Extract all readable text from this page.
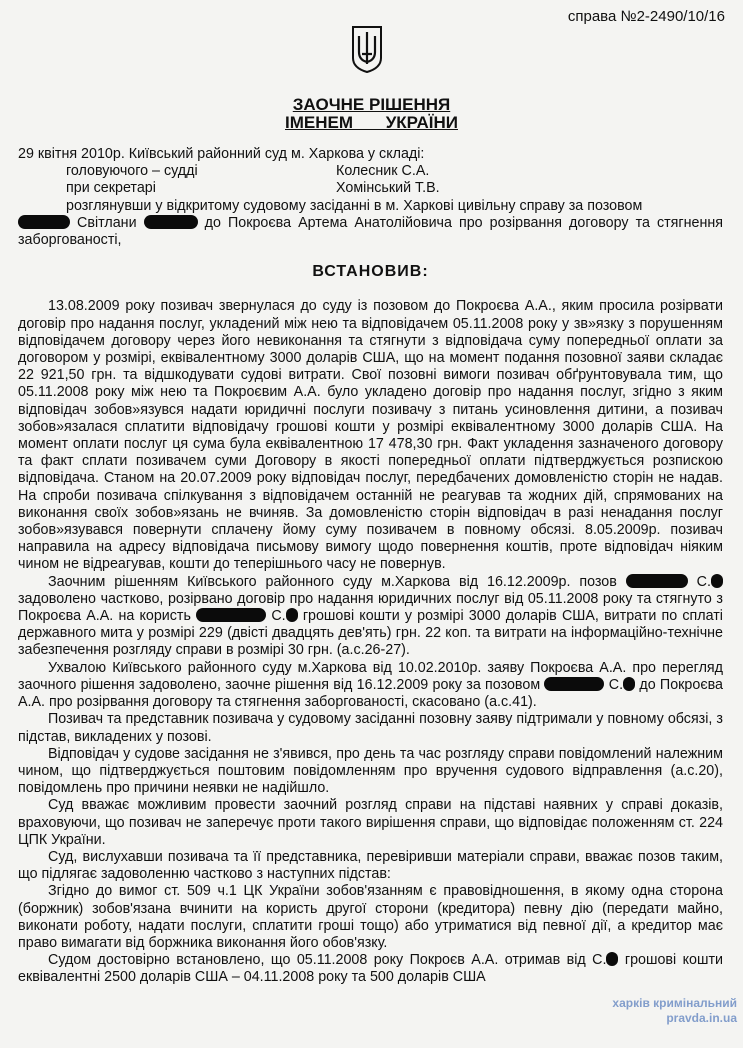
справа №2-2490/10/16
ЗАОЧНЕ РІШЕННЯ
ІМЕНЕМ УКРАЇНИ

29 квітня 2010р. Київський районний суд м. Харкова у складі:

головуючого – судді	Колесник С.А.
при секретарі	Хомінський Т.В.

розглянувши у відкритому судовому засіданні в м. Харкові цивільну справу за позовом

Світлани	до Покроєва Артема Анатолійовича про розірвання договору та стягнення заборгованості,

ВСТАНОВИВ:

13.08.2009 року позивач звернулася до суду із позовом до Покроєва А.А., яким просила розірвати договір про надання послуг, укладений між нею та відповідачем 05.11.2008 року у зв»язку з порушенням відповідачем договору через його невиконання та стягнути з відповідача суму попередньої оплати за договором у розмірі, еквівалентному 3000 доларів США, що на момент подання позовної заяви складає 22 921,50 грн. та відшкодувати судові витрати. Свої позовні вимоги позивач обґрунтовувала тим, що 05.11.2008 року між нею та Покроєвим А.А. було укладено договір про надання послуг, згідно з яким відповідач зобов»язувся надати юридичні послуги позивачу з питань усиновлення дитини, а позивач зобов»язалася сплатити відповідачу грошові кошти у розмірі еквівалентному 3000 доларів США. На момент оплати послуг ця сума була еквівалентною 17 478,30 грн. Факт укладення зазначеного договору та факт сплати позивачем суми Договору в якості попередньої оплати підтверджується розпискою відповідача. Станом на 20.07.2009 року відповідач послуг, передбачених домовленістю сторін не надав. На спроби позивача спілкування з відповідачем останній не реагував та жодних дій, спрямованих на виконання своїх зобов»язань не вчиняв. За домовленістю сторін відповідач в разі ненадання послуг зобов»язувався повернути сплачену йому суму позивачем в повному обсязі. 8.05.2009р. позивач направила на адресу відповідача письмову вимогу щодо повернення коштів, проте відповідач ніяким чином не відреагував, кошти до теперішнього часу не повернув.

Заочним рішенням Київського районного суду м.Харкова від 16.12.2009р. позов	С. задоволено частково, розірвано договір про надання юридичних послуг від 05.11.2008 року та стягнуто з Покроєва А.А. на користь	С. грошові кошти у розмірі 3000 доларів США, витрати по сплаті державного мита у розмірі 229 (двісті двадцять дев'ять) грн. 22 коп. та витрати на інформаційно-технічне забезпечення розгляду справи в розмірі 30 грн. (а.с.26-27).

Ухвалою Київського районного суду м.Харкова від 10.02.2010р. заяву Покроєва А.А. про перегляд заочного рішення задоволено, заочне рішення від 16.12.2009 року за позовом	С. до Покроєва А.А. про розірвання договору та стягнення заборгованості, скасовано (а.с.41).

Позивач та представник позивача у судовому засіданні позовну заяву підтримали у повному обсязі, з підстав, викладених у позові.

Відповідач у судове засідання не з'явився, про день та час розгляду справи повідомлений належним чином, що підтверджується поштовим повідомленням про вручення судового відправлення (а.с.20), повідомлень про причини неявки не надійшло.

Суд вважає можливим провести заочний розгляд справи на підставі наявних у справі доказів, враховуючи, що позивач не заперечує проти такого вирішення справи, що відповідає положенням ст. 224 ЦПК України.

Суд, вислухавши позивача та її представника, перевіривши матеріали справи, вважає позов таким, що підлягає задоволенню частково з наступних підстав:

Згідно до вимог ст. 509 ч.1 ЦК України зобов'язанням є правовідношення, в якому одна сторона (боржник) зобов'язана вчинити на користь другої сторони (кредитора) певну дію (передати майно, виконати роботу, надати послуги, сплатити гроші тощо) або утриматися від певної дії, а кредитор має право вимагати від боржника виконання його обов'язку.

Судом достовірно встановлено, що 05.11.2008 року Покроєв А.А. отримав від С. грошові кошти еквівалентні 2500 доларів США – 04.11.2008 року та 500 доларів США

харків кримінальний
pravda.in.ua
